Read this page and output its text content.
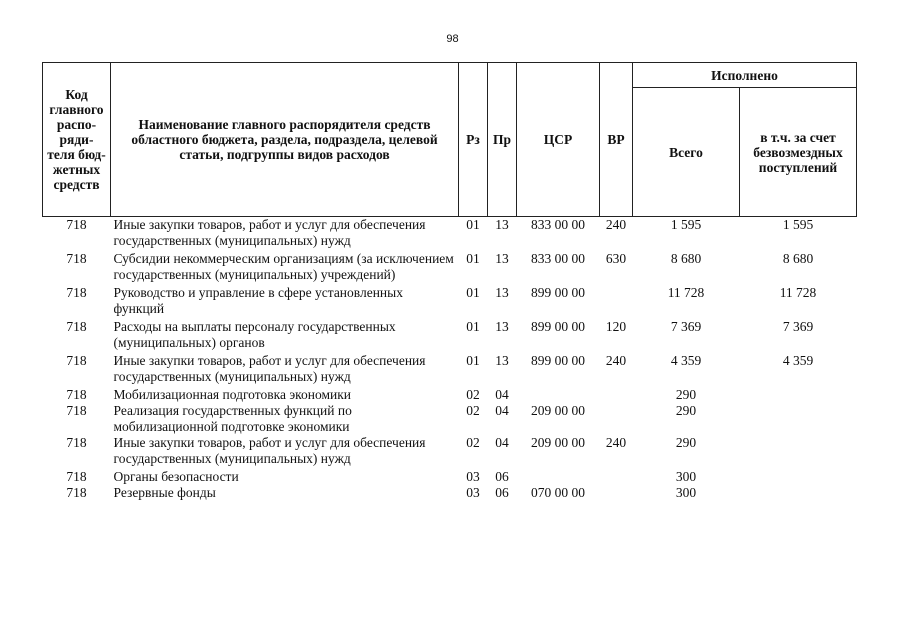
98
Код главного распо-ряди-теля бюд-жетных средств	Наименование главного распорядителя средств областного бюджета, раздела, подраздела, целевой статьи, подгруппы видов расходов	Рз	Пр	ЦСР	ВР	Исполнено	
						Всего	в т.ч. за счет безвозмездных поступлений
718	Иные закупки товаров, работ и услуг для обеспечения государственных (муниципальных) нужд	01	13	833 00 00	240	1 595	1 595
718	Субсидии некоммерческим организациям (за исключением государственных (муниципальных) учреждений)	01	13	833 00 00	630	8 680	8 680
718	Руководство и управление в сфере установленных функций	01	13	899 00 00		11 728	11 728
718	Расходы на выплаты персоналу государственных (муниципальных) органов	01	13	899 00 00	120	7 369	7 369
718	Иные закупки товаров, работ и услуг для обеспечения государственных (муниципальных) нужд	01	13	899 00 00	240	4 359	4 359
718	Мобилизационная подготовка экономики	02	04			290	
718	Реализация государственных функций по мобилизационной подготовке экономики	02	04	209 00 00		290	
718	Иные закупки товаров, работ и услуг для обеспечения государственных (муниципальных) нужд	02	04	209 00 00	240	290	
718	Органы безопасности	03	06			300	
718	Резервные фонды	03	06	070 00 00		300	
